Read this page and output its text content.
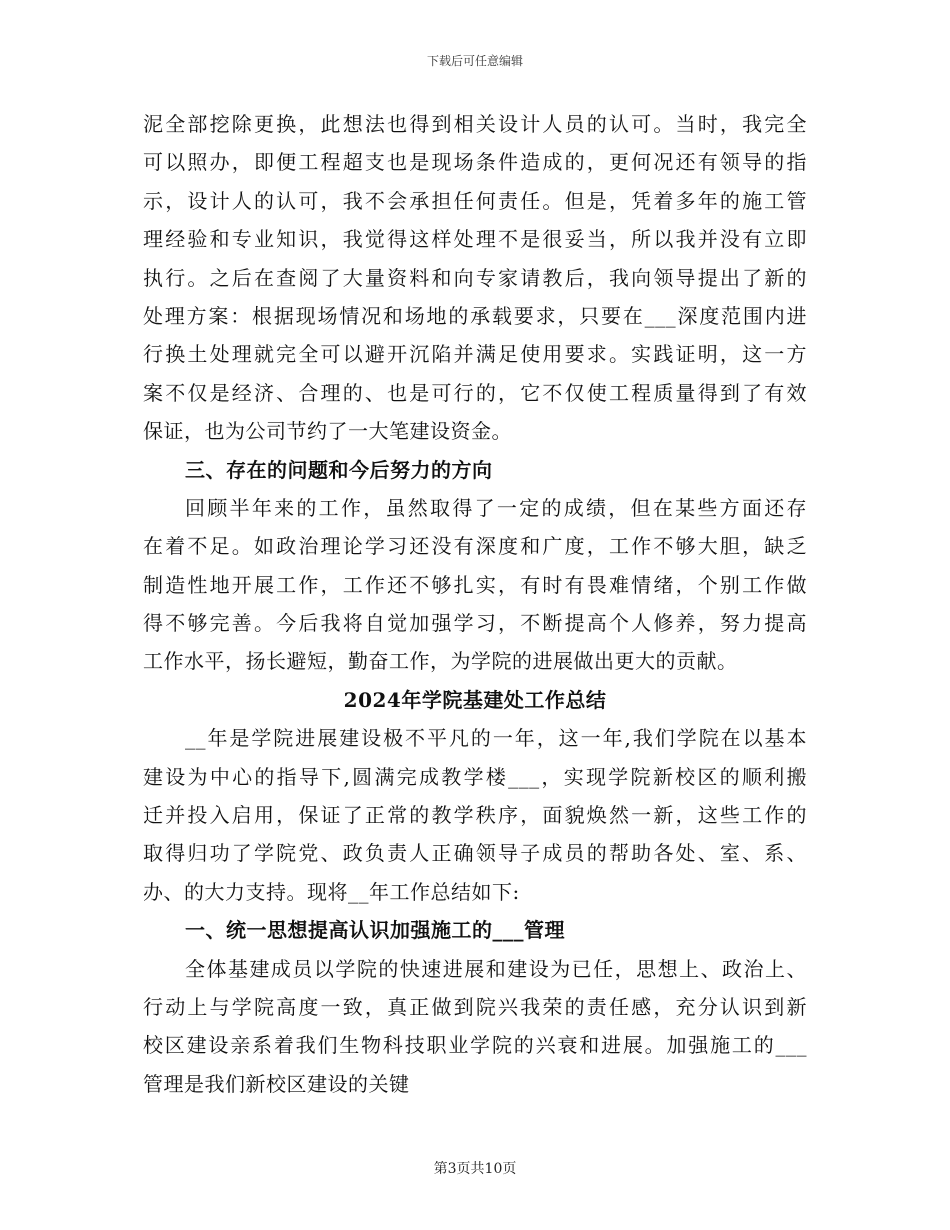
下载后可任意编辑
泥全部挖除更换，此想法也得到相关设计人员的认可。当时，我完全
可以照办，即便工程超支也是现场条件造成的，更何况还有领导的指
示，设计人的认可，我不会承担任何责任。但是，凭着多年的施工管
理经验和专业知识，我觉得这样处理不是很妥当，所以我并没有立即
执行。之后在查阅了大量资料和向专家请教后，我向领导提出了新的
处理方案：根据现场情况和场地的承载要求，只要在___深度范围内进
行换土处理就完全可以避开沉陷并满足使用要求。实践证明，这一方
案不仅是经济、合理的、也是可行的，它不仅使工程质量得到了有效
保证，也为公司节约了一大笔建设资金。
三、存在的问题和今后努力的方向
回顾半年来的工作，虽然取得了一定的成绩，但在某些方面还存
在着不足。如政治理论学习还没有深度和广度，工作不够大胆，缺乏
制造性地开展工作，工作还不够扎实，有时有畏难情绪，个别工作做
得不够完善。今后我将自觉加强学习，不断提高个人修养，努力提高
工作水平，扬长避短，勤奋工作，为学院的进展做出更大的贡献。
2024年学院基建处工作总结
__年是学院进展建设极不平凡的一年，这一年,我们学院在以基本
建设为中心的指导下,圆满完成教学楼___，实现学院新校区的顺利搬
迁并投入启用，保证了正常的教学秩序，面貌焕然一新，这些工作的
取得归功了学院党、政负责人正确领导子成员的帮助各处、室、系、
办、的大力支持。现将__年工作总结如下:
一、统一思想提高认识加强施工的___管理
全体基建成员以学院的快速进展和建设为已任，思想上、政治上、
行动上与学院高度一致，真正做到院兴我荣的责任感，充分认识到新
校区建设亲系着我们生物科技职业学院的兴衰和进展。加强施工的___
管理是我们新校区建设的关键
第3页共10页
